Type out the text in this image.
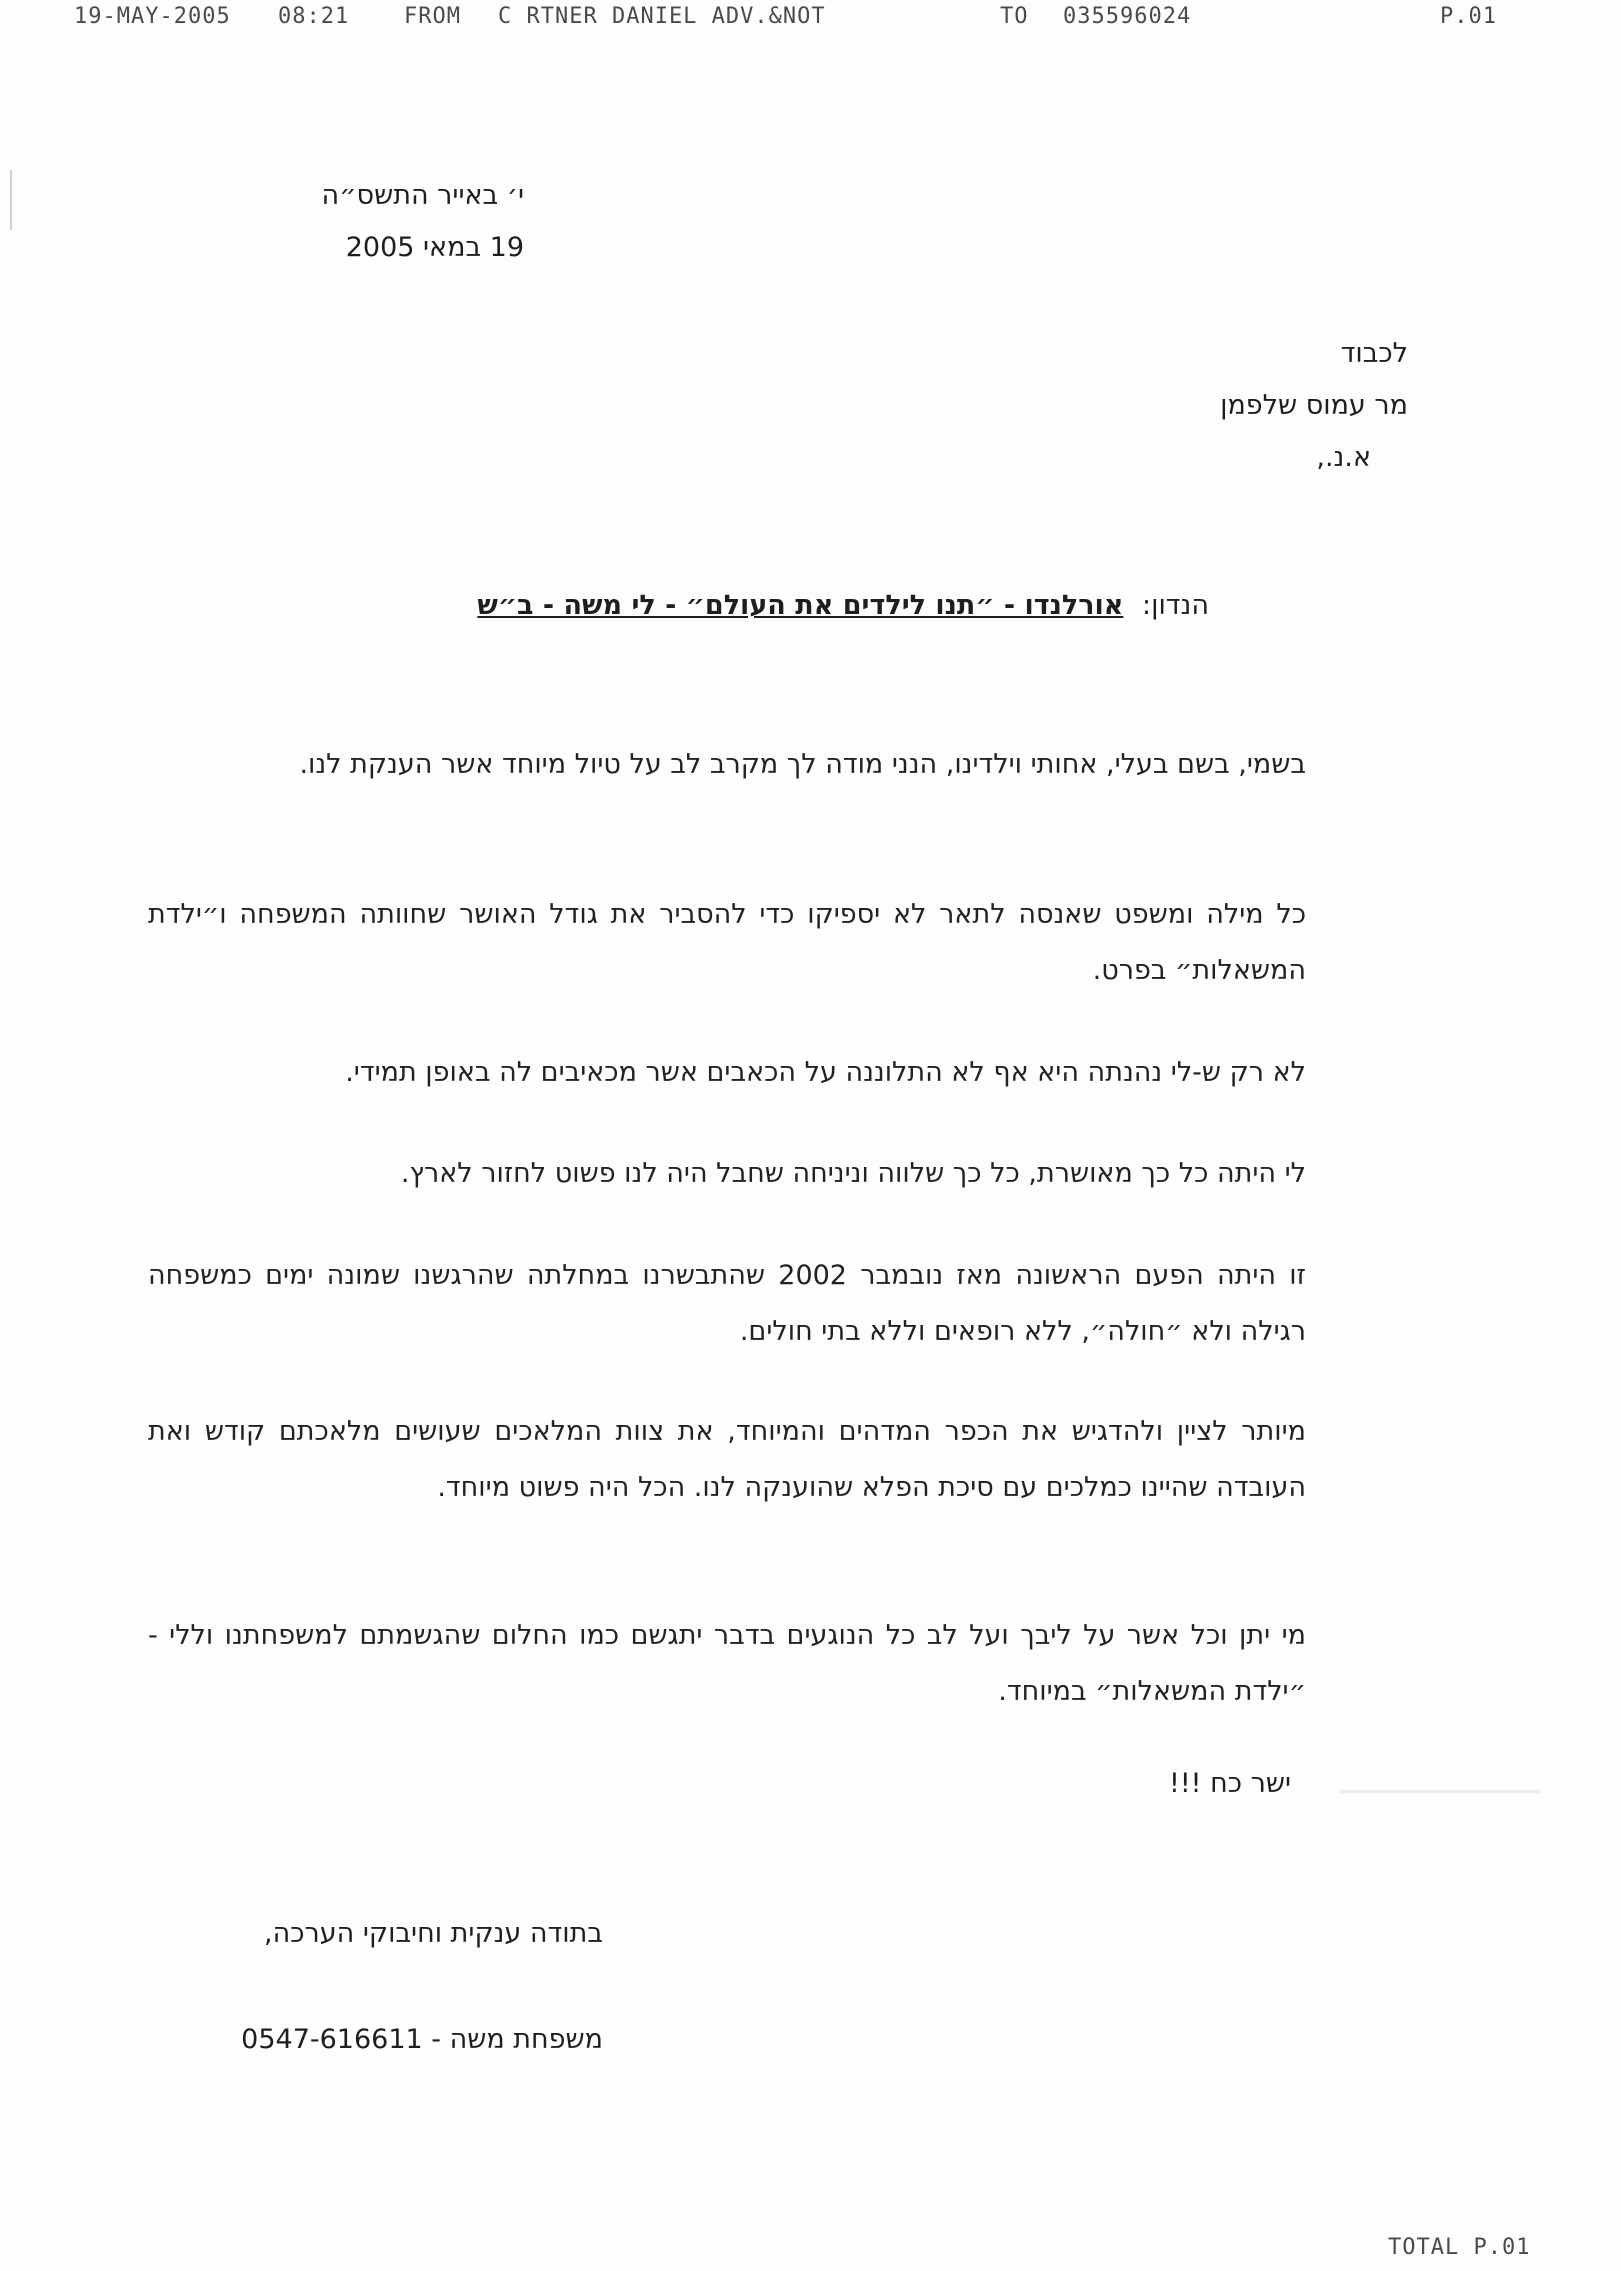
19-MAY-2005 08:21 FROM C RTNER DANIEL ADV.&NOT	TO 035596024	P.01
י׳ באייר התשס״ה
19 במאי 2005
לכבוד
מר עמוס שלפמן
א.נ.,
הנדון: אורלנדו - ״תנו לילדים את העולם״ - לי משה - ב״ש
בשמי, בשם בעלי, אחותי וילדינו, הנני מודה לך מקרב לב על טיול מיוחד אשר הענקת לנו.
כל מילה ומשפט שאנסה לתאר לא יספיקו כדי להסביר את גודל האושר שחוותה המשפחה ו״ילדת המשאלות״ בפרט.
לא רק ש-לי נהנתה היא אף לא התלוננה על הכאבים אשר מכאיבים לה באופן תמידי.
לי היתה כל כך מאושרת, כל כך שלווה וניניחה שחבל היה לנו פשוט לחזור לארץ.
זו היתה הפעם הראשונה מאז נובמבר 2002 שהתבשרנו במחלתה שהרגשנו שמונה ימים כמשפחה רגילה ולא ״חולה״, ללא רופאים וללא בתי חולים.
מיותר לציין ולהדגיש את הכפר המדהים והמיוחד, את צוות המלאכים שעושים מלאכתם קודש ואת העובדה שהיינו כמלכים עם סיכת הפלא שהוענקה לנו. הכל היה פשוט מיוחד.
מי יתן וכל אשר על ליבך ועל לב כל הנוגעים בדבר יתגשם כמו החלום שהגשמתם למשפחתנו וללי - ״ילדת המשאלות״ במיוחד.
ישר כח !!!
בתודה ענקית וחיבוקי הערכה,
משפחת משה - 0547-616611
TOTAL P.01
